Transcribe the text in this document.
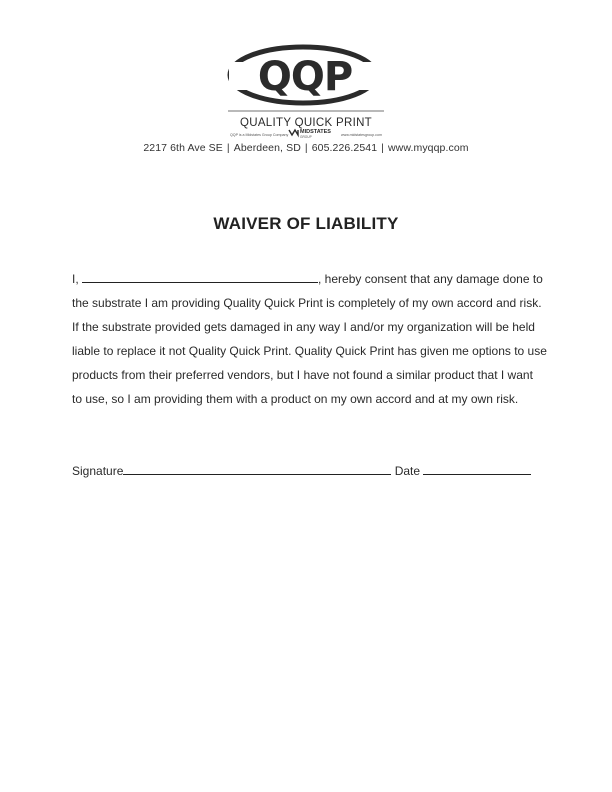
QQP
QUALITY QUICK PRINT
QQP is a Midstates Group Company MIDSTATES
GROUP	www.midstatesgroup.com
2217 6th Ave SE | Aberdeen, SD | 605.226.2541 | www.myqqp.com
WAIVER OF LIABILITY

I,	, hereby consent that any damage done to

the substrate I am providing Quality Quick Print is completely of my own accord and risk.

If the substrate provided gets damaged in any way I and/or my organization will be held

liable to replace it not Quality Quick Print. Quality Quick Print has given me options to use

products from their preferred vendors, but I have not found a similar product that I want

to use, so I am providing them with a product on my own accord and at my own risk.

Signature	Date
